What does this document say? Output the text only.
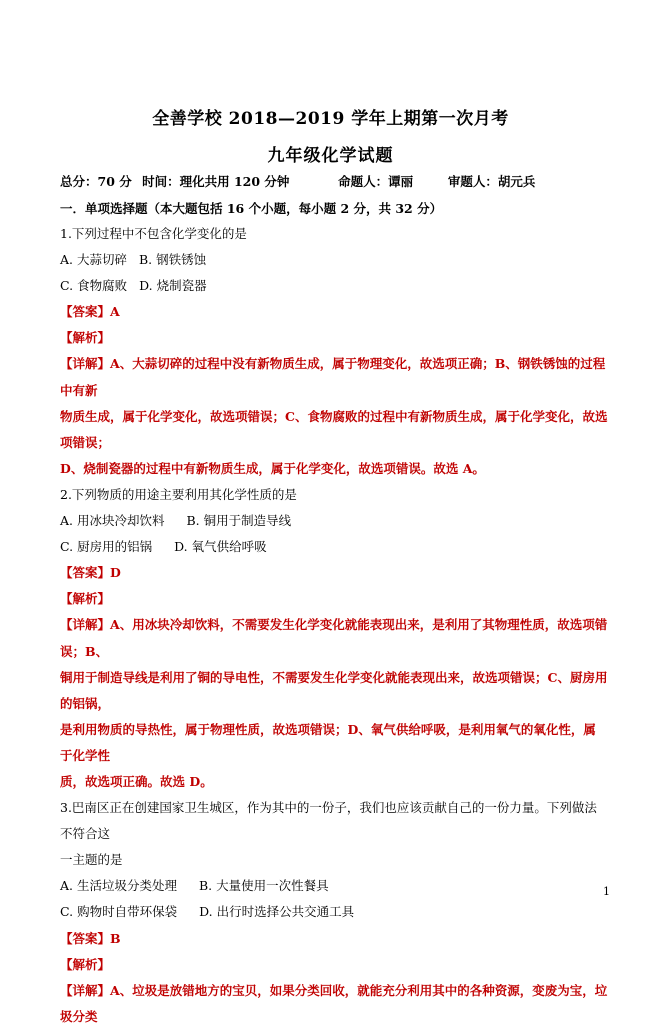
全善学校 2018—2019 学年上期第一次月考
九年级化学试题
总分：70 分 时间：理化共用 120 分钟	命题人：谭丽	审题人：胡元兵
一．单项选择题（本大题包括 16 个小题，每小题 2 分，共 32 分）

1.下列过程中不包含化学变化的是

A. 大蒜切碎 B. 钢铁锈蚀

C. 食物腐败 D. 烧制瓷器

【答案】A

【解析】

【详解】A、大蒜切碎的过程中没有新物质生成，属于物理变化，故选项正确；B、钢铁锈蚀的过程中有新

物质生成，属于化学变化，故选项错误；C、食物腐败的过程中有新物质生成，属于化学变化，故选项错误；

D、烧制瓷器的过程中有新物质生成，属于化学变化，故选项错误。故选 A。

2.下列物质的用途主要利用其化学性质的是

A. 用冰块冷却饮料 B. 铜用于制造导线

C. 厨房用的铝锅 D. 氧气供给呼吸

【答案】D

【解析】

【详解】A、用冰块冷却饮料，不需要发生化学变化就能表现出来，是利用了其物理性质，故选项错误；B、

铜用于制造导线是利用了铜的导电性，不需要发生化学变化就能表现出来，故选项错误；C、厨房用的铝锅，

是利用物质的导热性，属于物理性质，故选项错误；D、氧气供给呼吸，是利用氧气的氧化性，属于化学性

质，故选项正确。故选 D。

3.巴南区正在创建国家卫生城区，作为其中的一份子，我们也应该贡献自己的一份力量。下列做法不符合这

一主题的是

A. 生活垃圾分类处理 B. 大量使用一次性餐具

C. 购物时自带环保袋 D. 出行时选择公共交通工具

【答案】B

【解析】

【详解】A、垃圾是放错地方的宝贝，如果分类回收，就能充分利用其中的各种资源，变废为宝，垃圾分类

1
